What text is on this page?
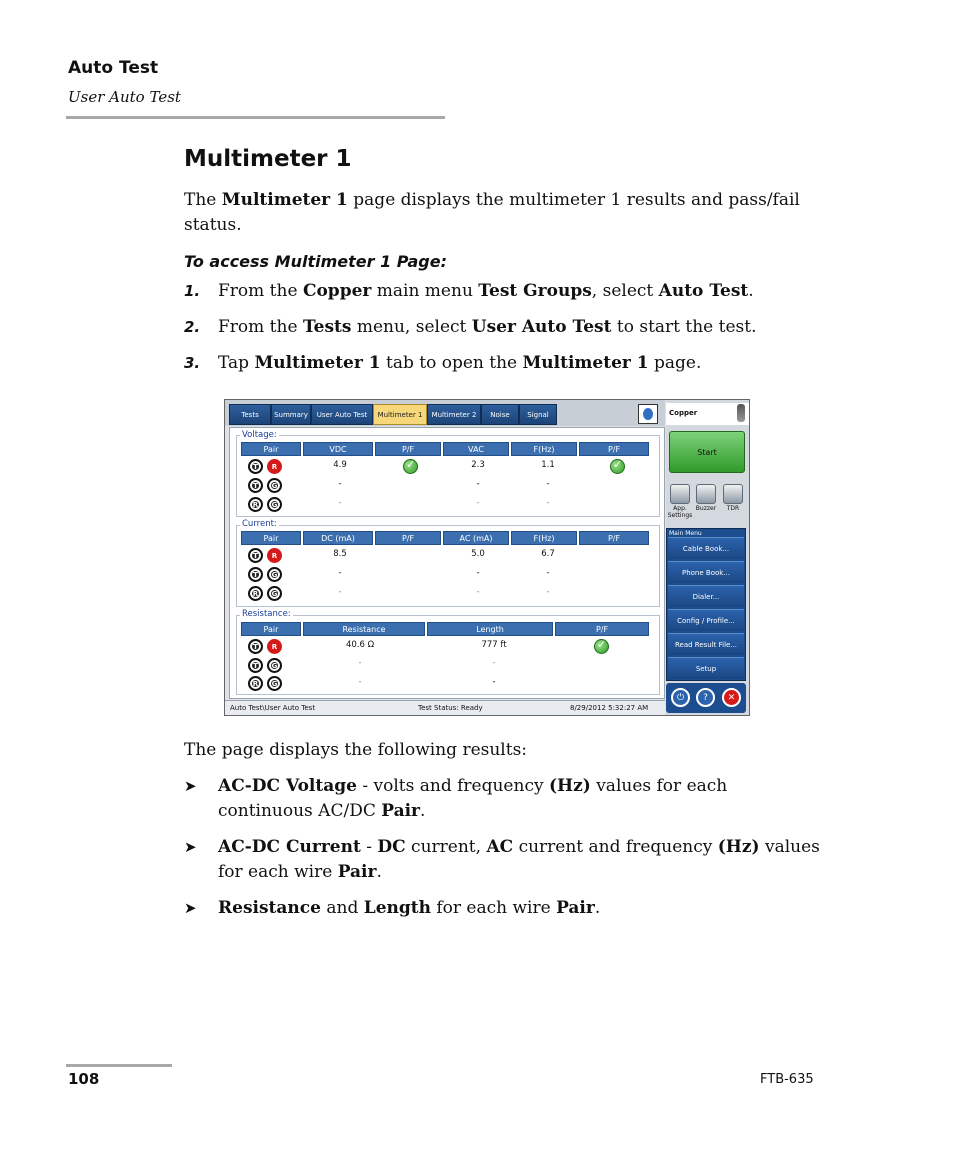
Auto Test
User Auto Test
Multimeter 1
The Multimeter 1 page displays the multimeter 1 results and pass/fail status.
To access Multimeter 1 Page:
1. From the Copper main menu Test Groups, select Auto Test.
2. From the Tests menu, select User Auto Test to start the test.
3. Tap Multimeter 1 tab to open the Multimeter 1 page.
Tests	Summary	User Auto Test	Multimeter 1	Multimeter 2	Noise	Signal
Voltage:
Pair	VDC	P/F	VAC	F(Hz)	P/F
T	R	4.9
✓	2.3	1.1
✓
T	G	-	-	-
R	G	-	-	-
Current:
Pair	DC (mA)	P/F	AC (mA)	F(Hz)	P/F
T	R	8.5	5.0	6.7
T	G	-	-	-
R	G	-	-	-
Resistance:
Pair	Resistance	Length	P/F
T	R	40.6 Ω	777 ft
✓
T	G	-	-
R	G	-	-
Auto Test\User Auto Test	Test Status: Ready	8/29/2012 5:32:27 AM
Copper
Start
App. Settings
Buzzer	TDR
Main Menu
Cable Book...
Phone Book...
Dialer...
Config / Profile...
Read Result File...
Setup
⏻	?	✕
The page displays the following results:
➤ AC-DC Voltage - volts and frequency (Hz) values for each continuous AC/DC Pair.
➤ AC-DC Current - DC current, AC current and frequency (Hz) values for each wire Pair.
➤ Resistance and Length for each wire Pair.
108	FTB-635
